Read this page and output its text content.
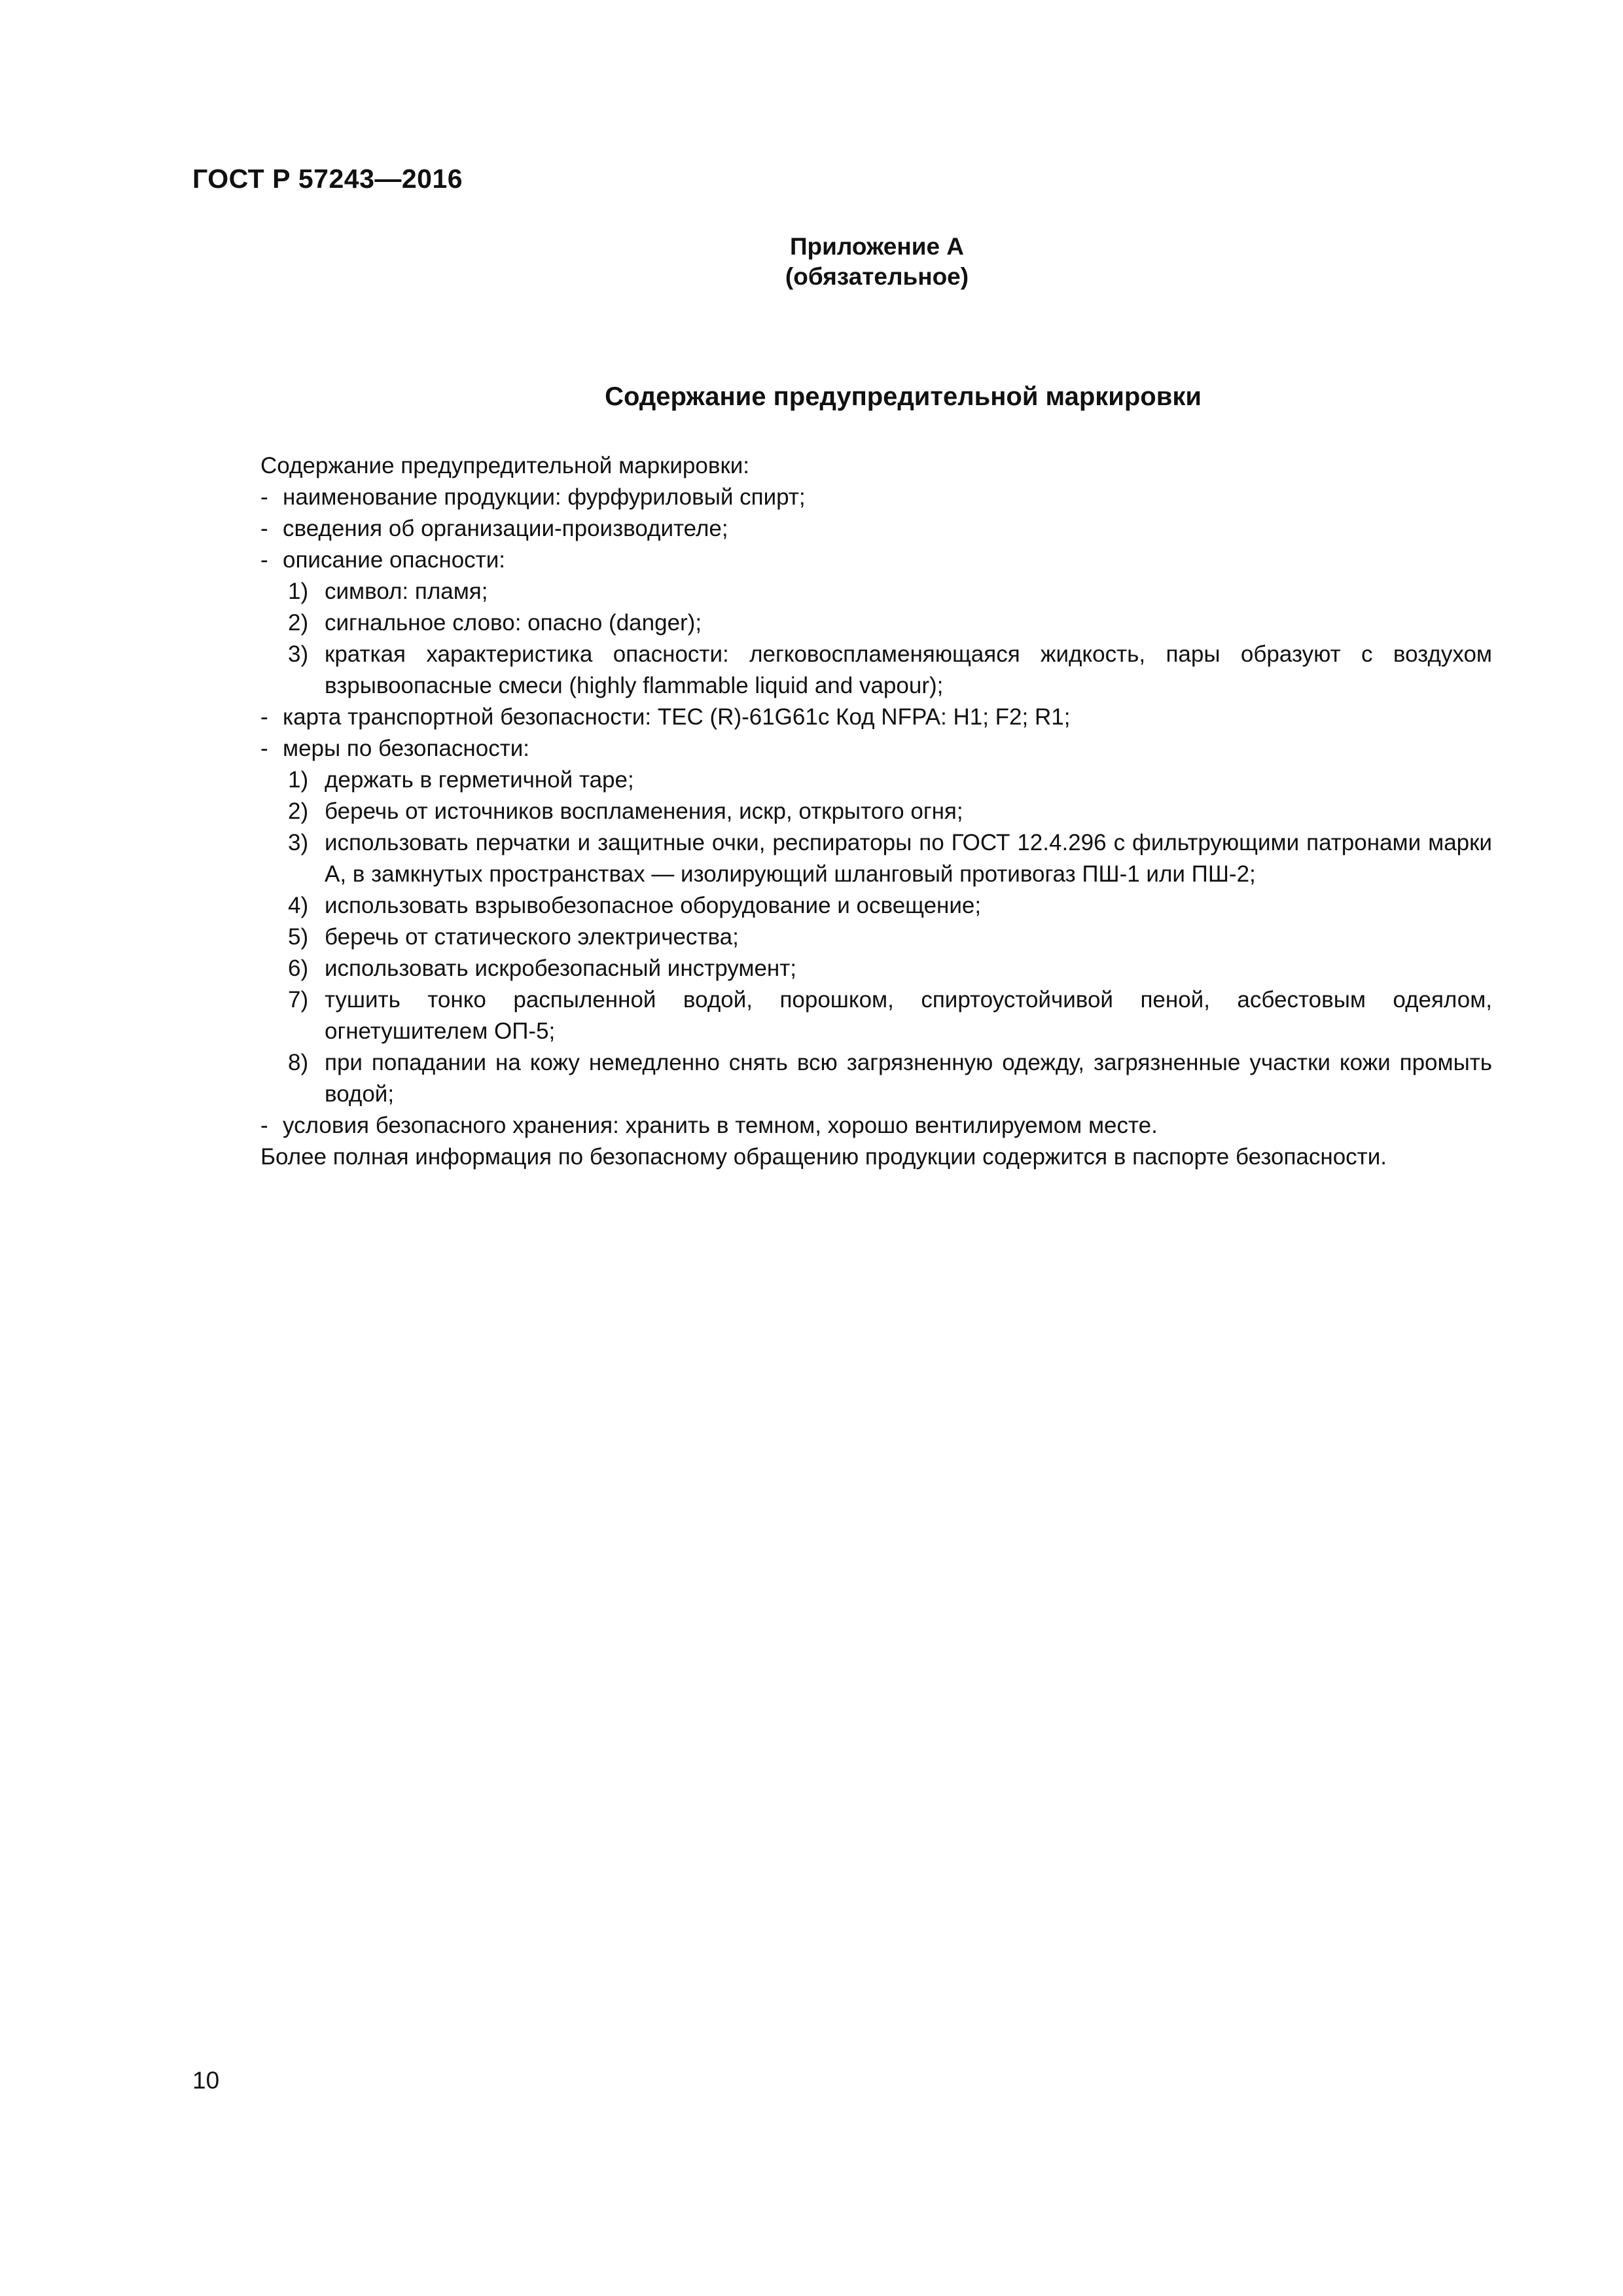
ГОСТ Р 57243—2016
Приложение А
(обязательное)
Содержание предупредительной маркировки

Содержание предупредительной маркировки:

- наименование продукции: фурфуриловый спирт;
- сведения об организации-производителе;
- описание опасности:
1) символ: пламя;
2) сигнальное слово: опасно (danger);
3) краткая характеристика опасности: легковоспламеняющаяся жидкость, пары образуют с воздухом взрывоопасные смеси (highly flammable liquid and vapour);
- карта транспортной безопасности: ТЕС (R)-61G61c Код NFPA: H1; F2; R1;
- меры по безопасности:
1) держать в герметичной таре;
2) беречь от источников воспламенения, искр, открытого огня;
3) использовать перчатки и защитные очки, респираторы по ГОСТ 12.4.296 с фильтрующими патронами марки А, в замкнутых пространствах — изолирующий шланговый противогаз ПШ-1 или ПШ-2;
4) использовать взрывобезопасное оборудование и освещение;
5) беречь от статического электричества;
6) использовать искробезопасный инструмент;
7) тушить тонко распыленной водой, порошком, спиртоустойчивой пеной, асбестовым одеялом, огнетушителем ОП-5;
8) при попадании на кожу немедленно снять всю загрязненную одежду, загрязненные участки кожи промыть водой;
- условия безопасного хранения: хранить в темном, хорошо вентилируемом месте.

Более полная информация по безопасному обращению продукции содержится в паспорте безопасности.

10
